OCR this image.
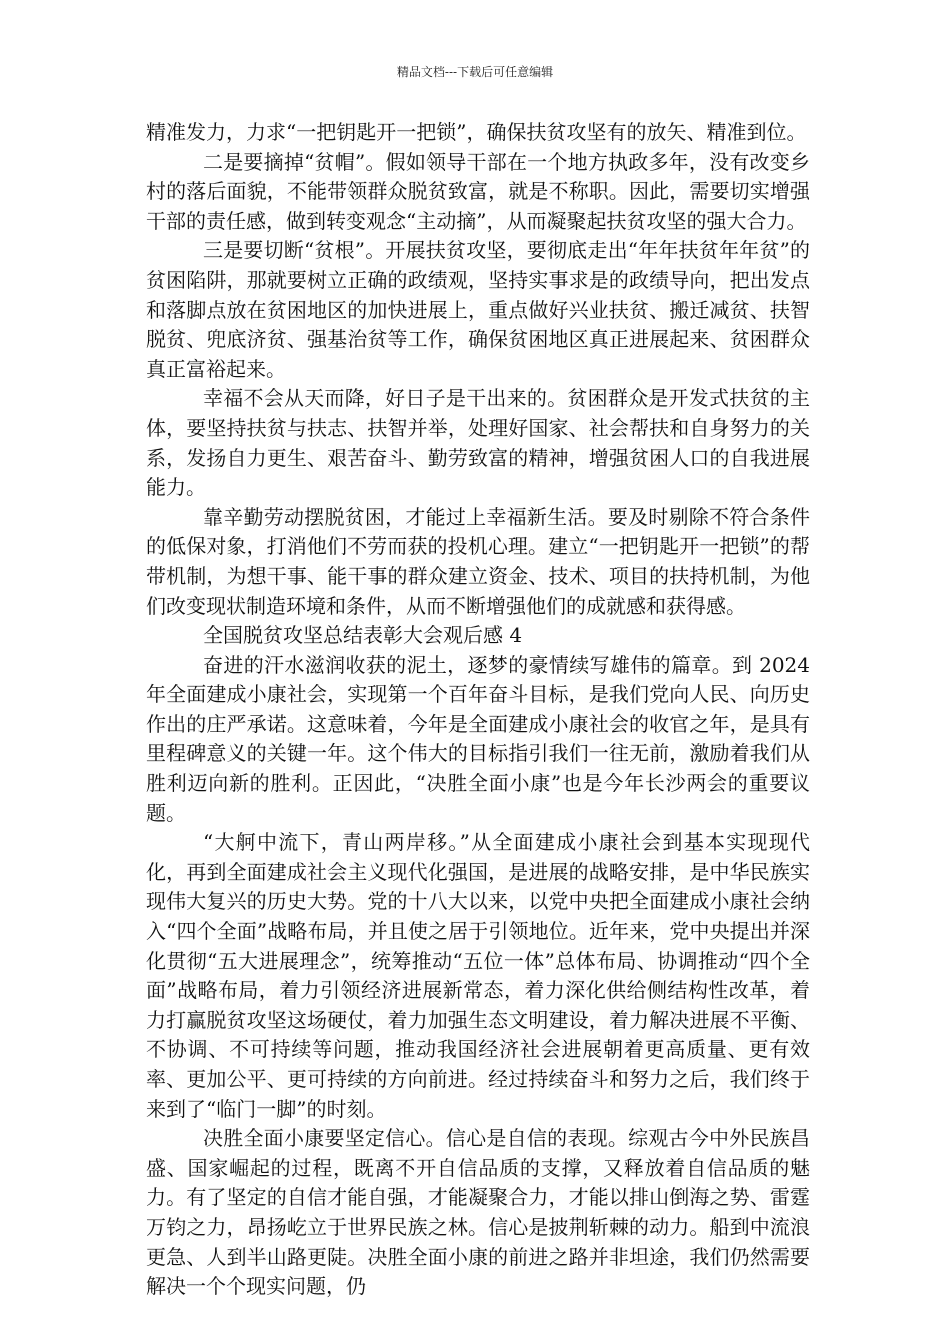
精品文档---下载后可任意编辑

精准发力，力求“一把钥匙开一把锁”，确保扶贫攻坚有的放矢、精准到位。

二是要摘掉“贫帽”。假如领导干部在一个地方执政多年，没有改变乡村的落后面貌，不能带领群众脱贫致富，就是不称职。因此，需要切实增强干部的责任感，做到转变观念“主动摘”，从而凝聚起扶贫攻坚的强大合力。

三是要切断“贫根”。开展扶贫攻坚，要彻底走出“年年扶贫年年贫”的贫困陷阱，那就要树立正确的政绩观，坚持实事求是的政绩导向，把出发点和落脚点放在贫困地区的加快进展上，重点做好兴业扶贫、搬迁减贫、扶智脱贫、兜底济贫、强基治贫等工作，确保贫困地区真正进展起来、贫困群众真正富裕起来。

幸福不会从天而降，好日子是干出来的。贫困群众是开发式扶贫的主体，要坚持扶贫与扶志、扶智并举，处理好国家、社会帮扶和自身努力的关系，发扬自力更生、艰苦奋斗、勤劳致富的精神，增强贫困人口的自我进展能力。

靠辛勤劳动摆脱贫困，才能过上幸福新生活。要及时剔除不符合条件的低保对象，打消他们不劳而获的投机心理。建立“一把钥匙开一把锁”的帮带机制，为想干事、能干事的群众建立资金、技术、项目的扶持机制，为他们改变现状制造环境和条件，从而不断增强他们的成就感和获得感。

全国脱贫攻坚总结表彰大会观后感 4

奋进的汗水滋润收获的泥土，逐梦的豪情续写雄伟的篇章。到 2024 年全面建成小康社会，实现第一个百年奋斗目标，是我们党向人民、向历史作出的庄严承诺。这意味着，今年是全面建成小康社会的收官之年，是具有里程碑意义的关键一年。这个伟大的目标指引我们一往无前，激励着我们从胜利迈向新的胜利。正因此，“决胜全面小康”也是今年长沙两会的重要议题。

“大舸中流下，青山两岸移。”从全面建成小康社会到基本实现现代化，再到全面建成社会主义现代化强国，是进展的战略安排，是中华民族实现伟大复兴的历史大势。党的十八大以来，以党中央把全面建成小康社会纳入“四个全面”战略布局，并且使之居于引领地位。近年来，党中央提出并深化贯彻“五大进展理念”，统筹推动“五位一体”总体布局、协调推动“四个全面”战略布局，着力引领经济进展新常态，着力深化供给侧结构性改革，着力打赢脱贫攻坚这场硬仗，着力加强生态文明建设，着力解决进展不平衡、不协调、不可持续等问题，推动我国经济社会进展朝着更高质量、更有效率、更加公平、更可持续的方向前进。经过持续奋斗和努力之后，我们终于来到了“临门一脚”的时刻。

决胜全面小康要坚定信心。信心是自信的表现。综观古今中外民族昌盛、国家崛起的过程，既离不开自信品质的支撑，又释放着自信品质的魅力。有了坚定的自信才能自强，才能凝聚合力，才能以排山倒海之势、雷霆万钧之力，昂扬屹立于世界民族之林。信心是披荆斩棘的动力。船到中流浪更急、人到半山路更陡。决胜全面小康的前进之路并非坦途，我们仍然需要解决一个个现实问题，仍
